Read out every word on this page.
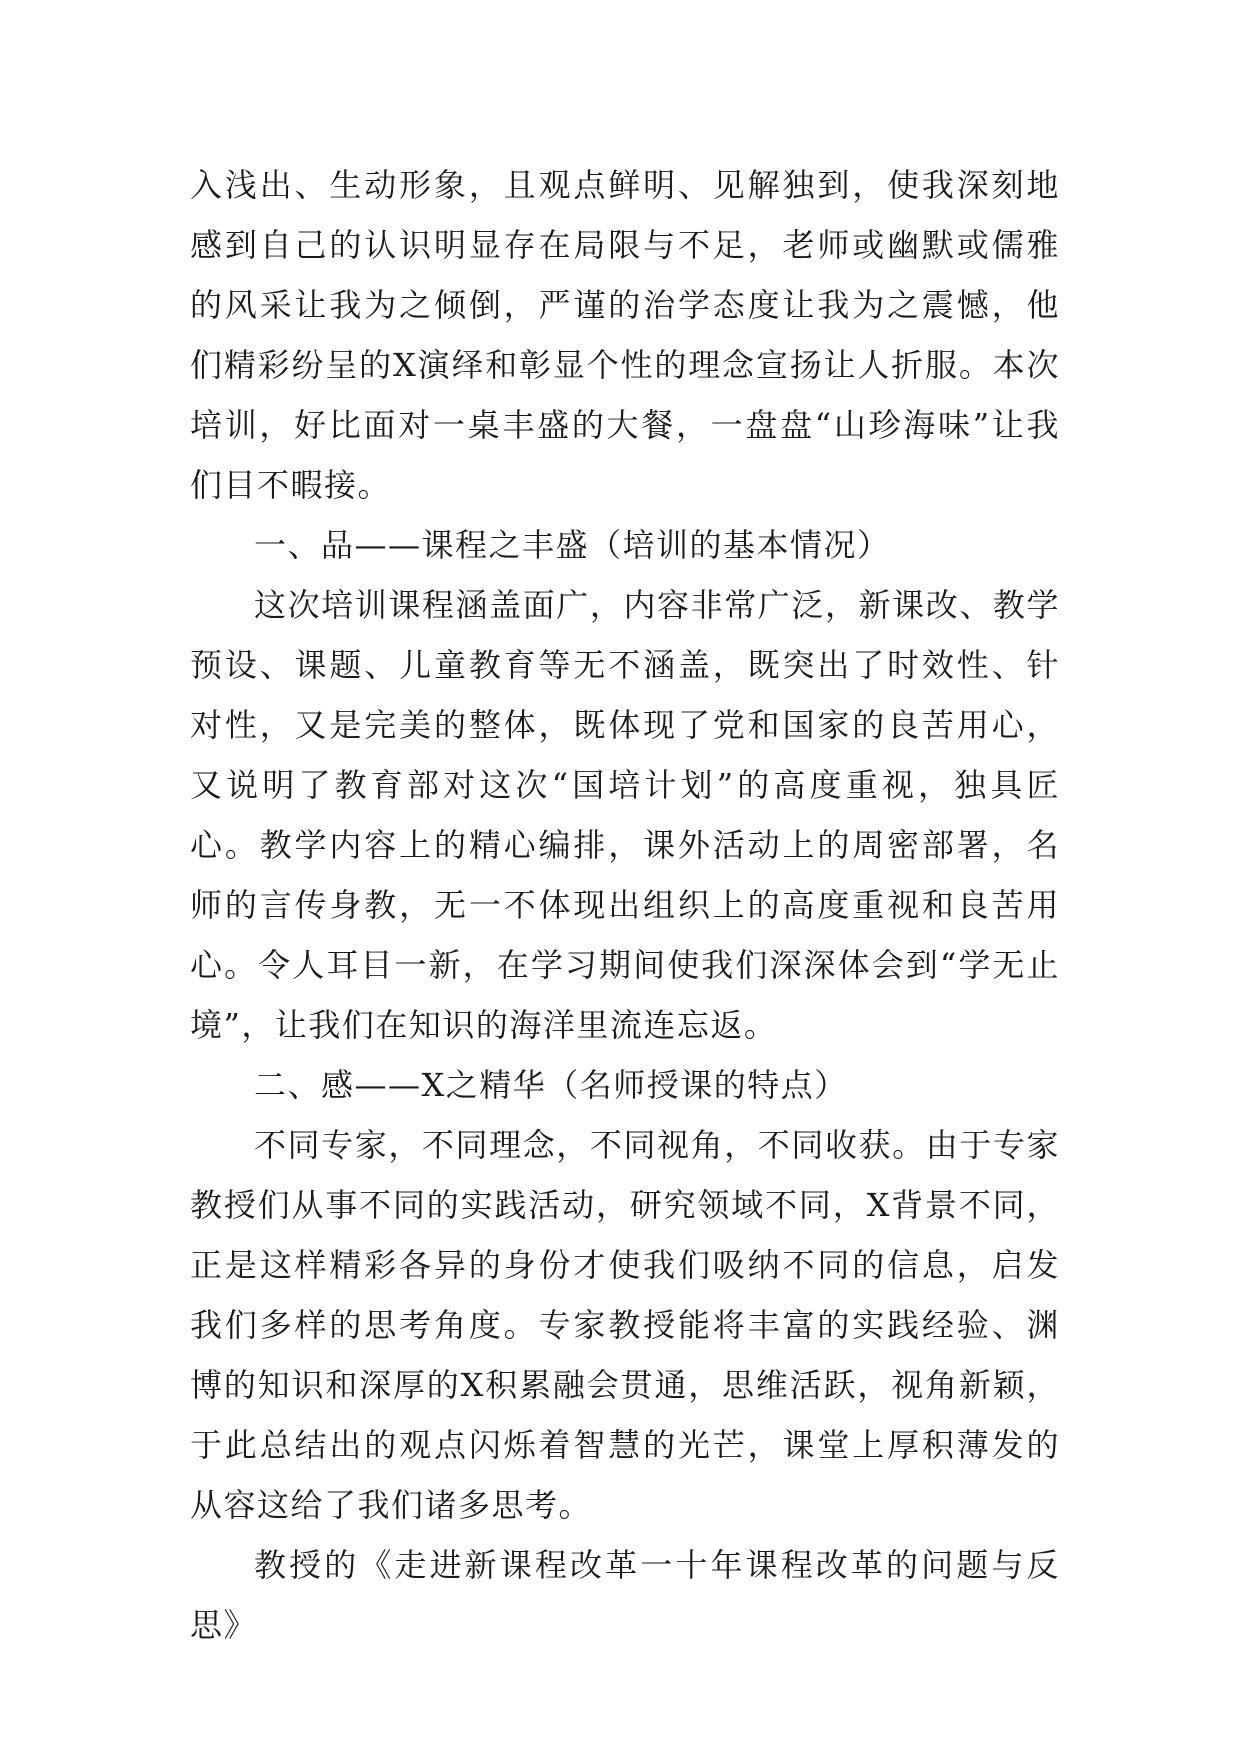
入浅出、生动形象，且观点鲜明、见解独到，使我深刻地感到自己的认识明显存在局限与不足，老师或幽默或儒雅的风采让我为之倾倒，严谨的治学态度让我为之震憾，他们精彩纷呈的X演绎和彰显个性的理念宣扬让人折服。本次培训，好比面对一桌丰盛的大餐，一盘盘“山珍海味”让我们目不暇接。

一、品——课程之丰盛（培训的基本情况）

这次培训课程涵盖面广，内容非常广泛，新课改、教学预设、课题、儿童教育等无不涵盖，既突出了时效性、针对性，又是完美的整体，既体现了党和国家的良苦用心，又说明了教育部对这次“国培计划”的高度重视，独具匠心。教学内容上的精心编排，课外活动上的周密部署，名师的言传身教，无一不体现出组织上的高度重视和良苦用心。令人耳目一新，在学习期间使我们深深体会到“学无止境”，让我们在知识的海洋里流连忘返。

二、感——X之精华（名师授课的特点）

不同专家，不同理念，不同视角，不同收获。由于专家教授们从事不同的实践活动，研究领域不同，X背景不同，正是这样精彩各异的身份才使我们吸纳不同的信息，启发我们多样的思考角度。专家教授能将丰富的实践经验、渊博的知识和深厚的X积累融会贯通，思维活跃，视角新颖，于此总结出的观点闪烁着智慧的光芒，课堂上厚积薄发的从容这给了我们诸多思考。

教授的《走进新课程改革一十年课程改革的问题与反思》
